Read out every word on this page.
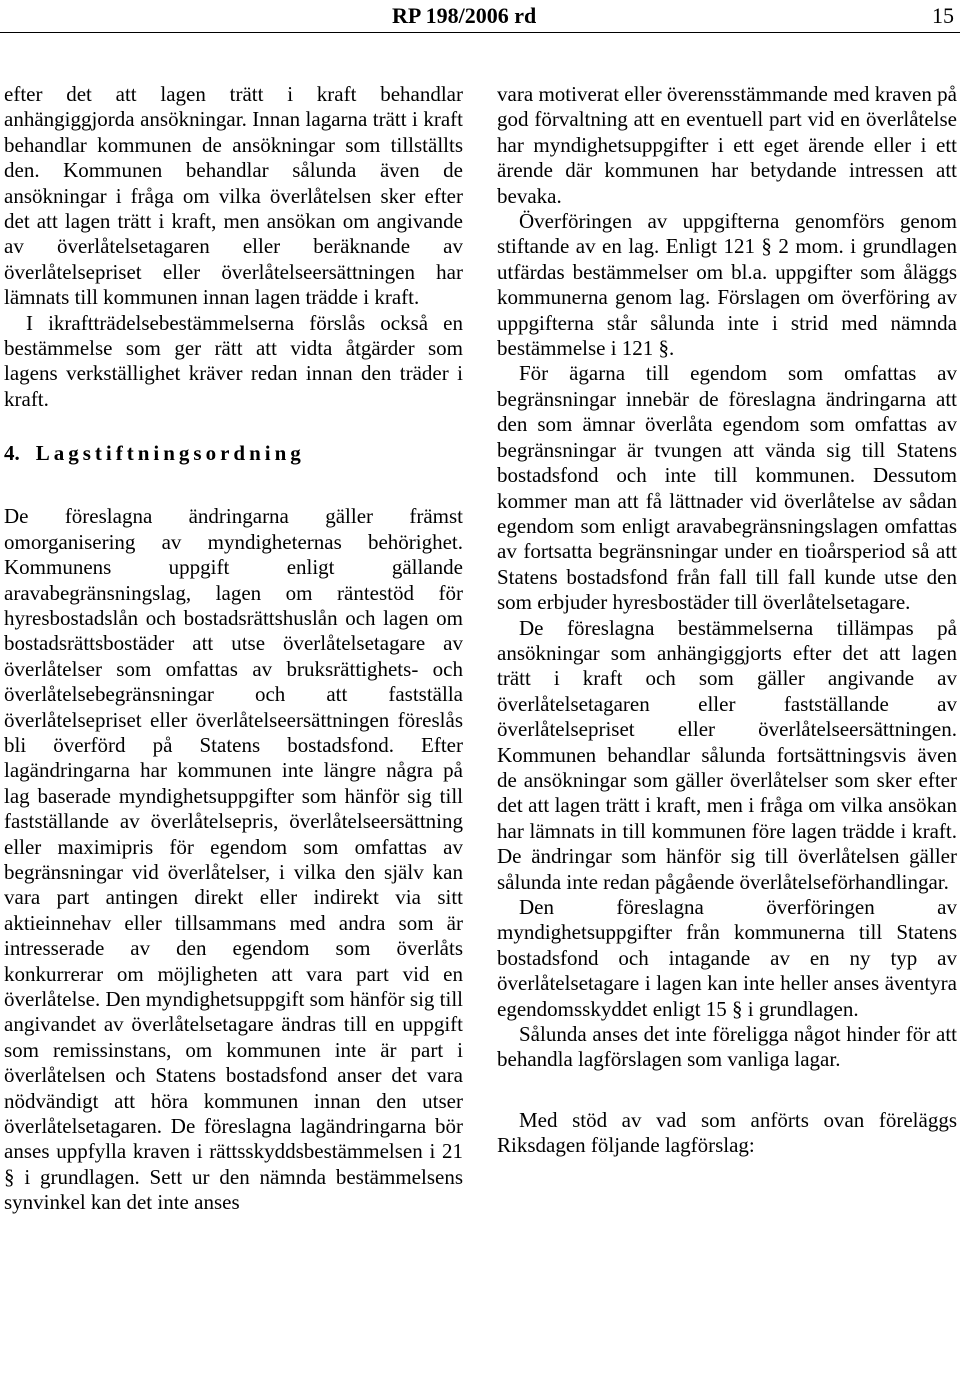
RP 198/2006 rd	15

efter det att lagen trätt i kraft behandlar anhängiggjorda ansökningar. Innan lagarna trätt i kraft behandlar kommunen de ansökningar som tillställts den. Kommunen behandlar sålunda även de ansökningar i fråga om vilka överlåtelsen sker efter det att lagen trätt i kraft, men ansökan om angivande av överlåtelsetagaren eller beräknande av överlåtelsepriset eller överlåtelseersättningen har lämnats till kommunen innan lagen trädde i kraft.

I ikraftträdelsebestämmelserna förslås också en bestämmelse som ger rätt att vidta åtgärder som lagens verkställighet kräver redan innan den träder i kraft.

4. Lagstiftningsordning

De föreslagna ändringarna gäller främst omorganisering av myndigheternas behörighet. Kommunens uppgift enligt gällande aravabegränsningslag, lagen om räntestöd för hyresbostadslån och bostadsrättshuslån och lagen om bostadsrättsbostäder att utse överlåtelsetagare av överlåtelser som omfattas av bruksrättighets- och överlåtelsebegränsningar och att fastställa överlåtelsepriset eller överlåtelseersättningen föreslås bli överförd på Statens bostadsfond. Efter lagändringarna har kommunen inte längre några på lag baserade myndighetsuppgifter som hänför sig till fastställande av överlåtelsepris, överlåtelseersättning eller maximipris för egendom som omfattas av begränsningar vid överlåtelser, i vilka den själv kan vara part antingen direkt eller indirekt via sitt aktieinnehav eller tillsammans med andra som är intresserade av den egendom som överlåts konkurrerar om möjligheten att vara part vid en överlåtelse. Den myndighetsuppgift som hänför sig till angivandet av överlåtelsetagare ändras till en uppgift som remissinstans, om kommunen inte är part i överlåtelsen och Statens bostadsfond anser det vara nödvändigt att höra kommunen innan den utser överlåtelsetagaren. De föreslagna lagändringarna bör anses uppfylla kraven i rättsskyddsbestämmelsen i 21 § i grundlagen. Sett ur den nämnda bestämmelsens synvinkel kan det inte anses

vara motiverat eller överensstämmande med kraven på god förvaltning att en eventuell part vid en överlåtelse har myndighetsuppgifter i ett eget ärende eller i ett ärende där kommunen har betydande intressen att bevaka.

Överföringen av uppgifterna genomförs genom stiftande av en lag. Enligt 121 § 2 mom. i grundlagen utfärdas bestämmelser om bl.a. uppgifter som åläggs kommunerna genom lag. Förslagen om överföring av uppgifterna står sålunda inte i strid med nämnda bestämmelse i 121 §.

För ägarna till egendom som omfattas av begränsningar innebär de föreslagna ändringarna att den som ämnar överlåta egendom som omfattas av begränsningar är tvungen att vända sig till Statens bostadsfond och inte till kommunen. Dessutom kommer man att få lättnader vid överlåtelse av sådan egendom som enligt aravabegränsningslagen omfattas av fortsatta begränsningar under en tioårsperiod så att Statens bostadsfond från fall till fall kunde utse den som erbjuder hyresbostäder till överlåtelsetagare.

De föreslagna bestämmelserna tillämpas på ansökningar som anhängiggjorts efter det att lagen trätt i kraft och som gäller angivande av överlåtelsetagaren eller fastställande av överlåtelsepriset eller överlåtelseersättningen. Kommunen behandlar sålunda fortsättningsvis även de ansökningar som gäller överlåtelser som sker efter det att lagen trätt i kraft, men i fråga om vilka ansökan har lämnats in till kommunen före lagen trädde i kraft. De ändringar som hänför sig till överlåtelsen gäller sålunda inte redan pågående överlåtelseförhandlingar.

Den föreslagna överföringen av myndighetsuppgifter från kommunerna till Statens bostadsfond och intagande av en ny typ av överlåtelsetagare i lagen kan inte heller anses äventyra egendomsskyddet enligt 15 § i grundlagen.

Sålunda anses det inte föreligga något hinder för att behandla lagförslagen som vanliga lagar.

Med stöd av vad som anförts ovan föreläggs Riksdagen följande lagförslag:
